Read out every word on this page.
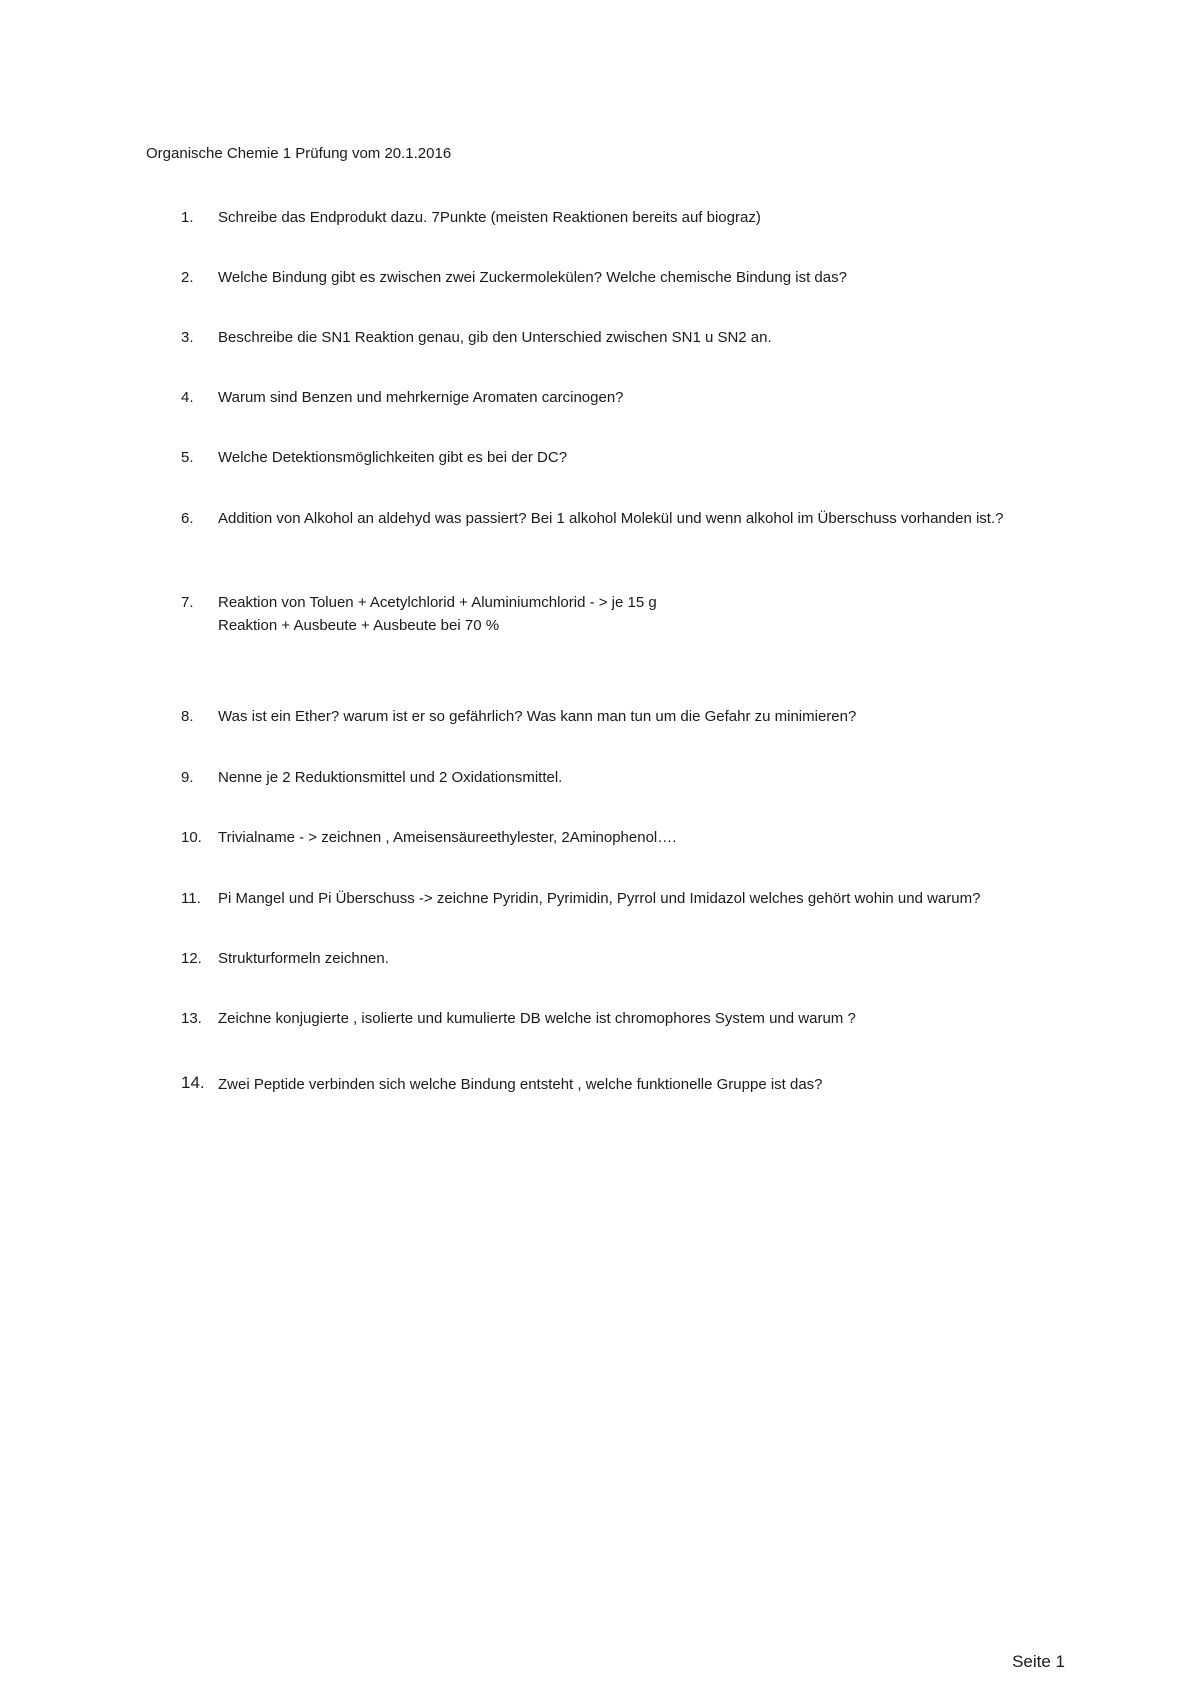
Organische Chemie 1 Prüfung vom 20.1.2016
1.	Schreibe das Endprodukt dazu. 7Punkte (meisten Reaktionen bereits auf biograz)
2.	Welche Bindung gibt es zwischen zwei Zuckermolekülen? Welche chemische Bindung ist das?
3.	Beschreibe die SN1 Reaktion genau, gib den Unterschied zwischen SN1 u SN2 an.
4.	Warum sind Benzen und mehrkernige Aromaten carcinogen?
5.	Welche Detektionsmöglichkeiten gibt es bei der DC?
6.	Addition von Alkohol an aldehyd was passiert? Bei 1 alkohol Molekül und wenn alkohol im Überschuss vorhanden ist.?
7.	Reaktion von Toluen + Acetylchlorid + Aluminiumchlorid - > je 15 g
Reaktion + Ausbeute + Ausbeute bei 70 %
8.	Was ist ein Ether? warum ist er so gefährlich? Was kann man tun um die Gefahr zu minimieren?
9.	Nenne je 2 Reduktionsmittel und 2 Oxidationsmittel.
10.	Trivialname - > zeichnen , Ameisensäureethylester, 2Aminophenol….
11.	Pi Mangel und Pi Überschuss -> zeichne Pyridin, Pyrimidin, Pyrrol und Imidazol welches gehört wohin und warum?
12.	Strukturformeln zeichnen.
13.	Zeichne konjugierte , isolierte und kumulierte DB welche ist chromophores System und warum ?
14. Zwei Peptide verbinden sich welche Bindung entsteht , welche funktionelle Gruppe ist das?
Seite 1
